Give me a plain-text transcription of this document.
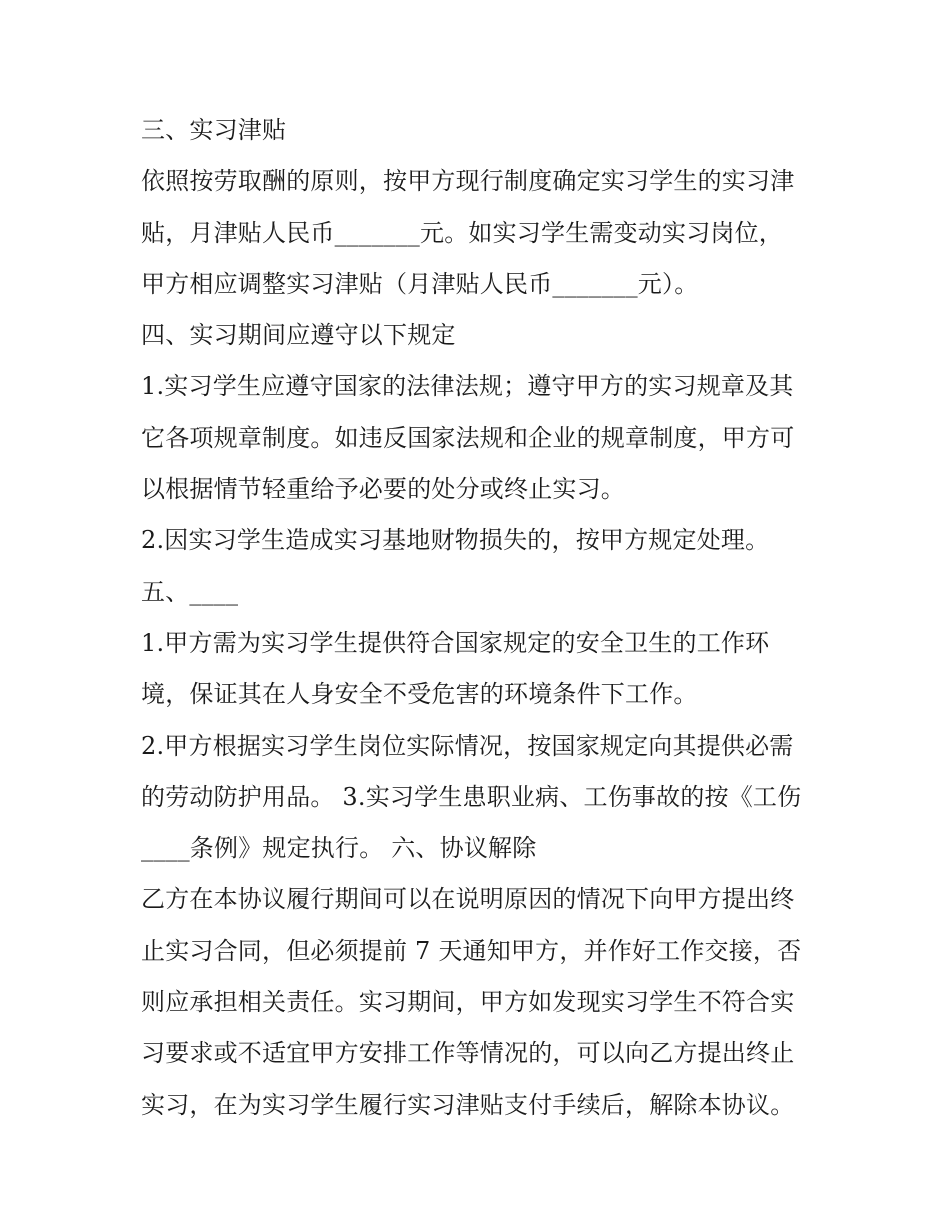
三、实习津贴
依照按劳取酬的原则，按甲方现行制度确定实习学生的实习津
贴，月津贴人民币_______元。如实习学生需变动实习岗位，
甲方相应调整实习津贴（月津贴人民币_______元）。
四、实习期间应遵守以下规定
1.实习学生应遵守国家的法律法规；遵守甲方的实习规章及其
它各项规章制度。如违反国家法规和企业的规章制度，甲方可
以根据情节轻重给予必要的处分或终止实习。
2.因实习学生造成实习基地财物损失的，按甲方规定处理。
五、____
1.甲方需为实习学生提供符合国家规定的安全卫生的工作环
境，保证其在人身安全不受危害的环境条件下工作。
2.甲方根据实习学生岗位实际情况，按国家规定向其提供必需
的劳动防护用品。 3.实习学生患职业病、工伤事故的按《工伤
____条例》规定执行。 六、协议解除
乙方在本协议履行期间可以在说明原因的情况下向甲方提出终
止实习合同，但必须提前 7 天通知甲方，并作好工作交接，否
则应承担相关责任。实习期间，甲方如发现实习学生不符合实
习要求或不适宜甲方安排工作等情况的，可以向乙方提出终止
实习，在为实习学生履行实习津贴支付手续后，解除本协议。
